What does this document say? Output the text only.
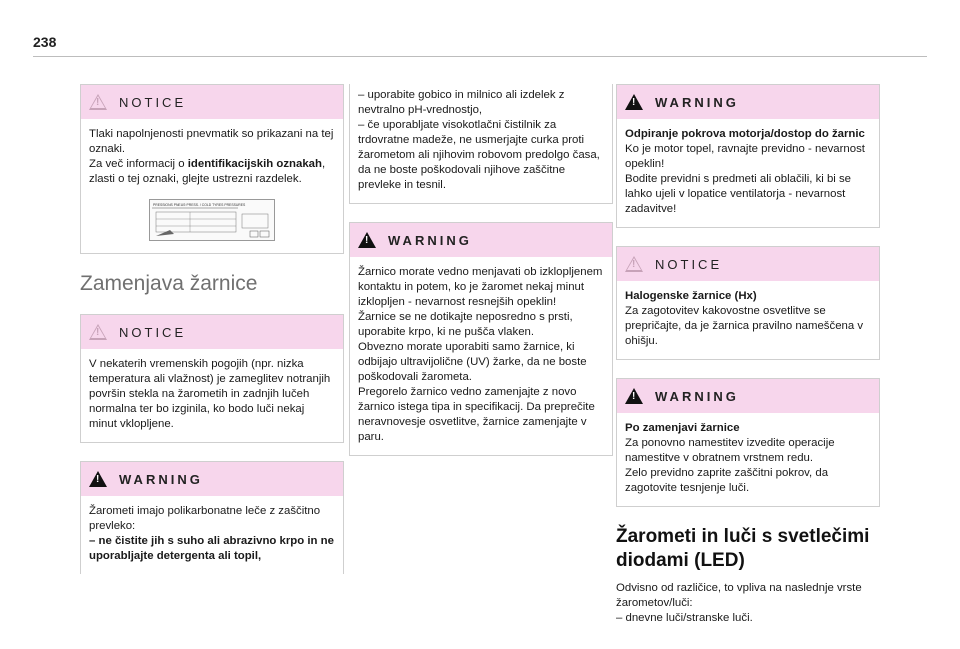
238
! NOTICE

Tlaki napolnjenosti pnevmatik so prikazani na tej oznaki.
Za več informacij o identifikacijskih oznakah, zlasti o tej oznaki, glejte ustrezni razdelek.

PRESSIONS PNEUS·PRESS. / COLD TYRES PRESSURES
Zamenjava žarnice
! NOTICE

V nekaterih vremenskih pogojih (npr. nizka temperatura ali vlažnost) je zameglitev notranjih površin stekla na žarometih in zadnjih lučeh normalna ter bo izginila, ko bodo luči nekaj minut vklopljene.

! WARNING

Žarometi imajo polikarbonatne leče z zaščitno prevleko:

– ne čistite jih s suho ali abrazivno krpo in ne uporabljajte detergenta ali topil,

– uporabite gobico in milnico ali izdelek z nevtralno pH-vrednostjo,

– če uporabljate visokotlačni čistilnik za trdovratne madeže, ne usmerjajte curka proti žarometom ali njihovim robovom predolgo časa, da ne boste poškodovali njihove zaščitne prevleke in tesnil.

! WARNING

Žarnico morate vedno menjavati ob izklopljenem kontaktu in potem, ko je žaromet nekaj minut izklopljen - nevarnost resnejših opeklin!

Žarnice se ne dotikajte neposredno s prsti, uporabite krpo, ki ne pušča vlaken.

Obvezno morate uporabiti samo žarnice, ki odbijajo ultravijolične (UV) žarke, da ne boste poškodovali žarometa.

Pregorelo žarnico vedno zamenjajte z novo žarnico istega tipa in specifikacij. Da preprečite neravnovesje osvetlitve, žarnice zamenjajte v paru.

! WARNING

Odpiranje pokrova motorja/dostop do žarnic

Ko je motor topel, ravnajte previdno - nevarnost opeklin!

Bodite previdni s predmeti ali oblačili, ki bi se lahko ujeli v lopatice ventilatorja - nevarnost zadavitve!

! NOTICE

Halogenske žarnice (Hx)

Za zagotovitev kakovostne osvetlitve se prepričajte, da je žarnica pravilno nameščena v ohišju.

! WARNING

Po zamenjavi žarnice

Za ponovno namestitev izvedite operacije namestitve v obratnem vrstnem redu.

Zelo previdno zaprite zaščitni pokrov, da zagotovite tesnjenje luči.

Žarometi in luči s svetlečimi diodami (LED)

Odvisno od različice, to vpliva na naslednje vrste žarometov/luči:

– dnevne luči/stranske luči.
